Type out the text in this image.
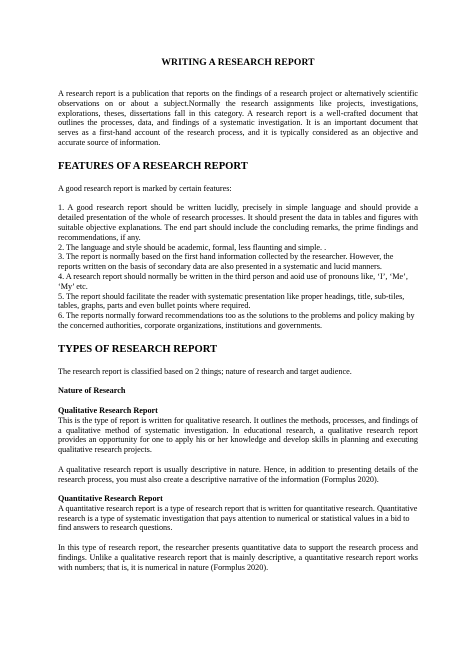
WRITING A RESEARCH REPORT

A research report is a publication that reports on the findings of a research project or alternatively scientific observations on or about a subject.Normally the research assignments like projects, investigations, explorations, theses, dissertations fall in this category. A research report is a well-crafted document that outlines the processes, data, and findings of a systematic investigation. It is an important document that serves as a first-hand account of the research process, and it is typically considered as an objective and accurate source of information.

FEATURES OF A RESEARCH REPORT

A good research report is marked by certain features:

1. A good research report should be written lucidly, precisely in simple language and should provide a detailed presentation of the whole of research processes. It should present the data in tables and figures with suitable objective explanations. The end part should include the concluding remarks, the prime findings and recommendations, if any.
2. The language and style should be academic, formal, less flaunting and simple. .
3. The report is normally based on the first hand information collected by the researcher. However, the reports written on the basis of secondary data are also presented in a systematic and lucid manners.
4. A research report should normally be written in the third person and aoid use of pronouns like, ‘I’, ‘Me’, ‘My’ etc.
5. The report should facilitate the reader with systematic presentation like proper headings, title, sub-tiles, tables, graphs, parts and even bullet points where required.
6. The reports normally forward recommendations too as the solutions to the problems and policy making by the concerned authorities, corporate organizations, institutions and governments.
TYPES OF RESEARCH REPORT

The research report is classified based on 2 things; nature of research and target audience.

Nature of Research

Qualitative Research Report

This is the type of report is written for qualitative research. It outlines the methods, processes, and findings of a qualitative method of systematic investigation. In educational research, a qualitative research report provides an opportunity for one to apply his or her knowledge and develop skills in planning and executing qualitative research projects.

A qualitative research report is usually descriptive in nature. Hence, in addition to presenting details of the research process, you must also create a descriptive narrative of the information (Formplus 2020).

Quantitative Research Report

A quantitative research report is a type of research report that is written for quantitative research. Quantitative research is a type of systematic investigation that pays attention to numerical or statistical values in a bid to find answers to research questions.

In this type of research report, the researcher presents quantitative data to support the research process and findings. Unlike a qualitative research report that is mainly descriptive, a quantitative research report works with numbers; that is, it is numerical in nature (Formplus 2020).
